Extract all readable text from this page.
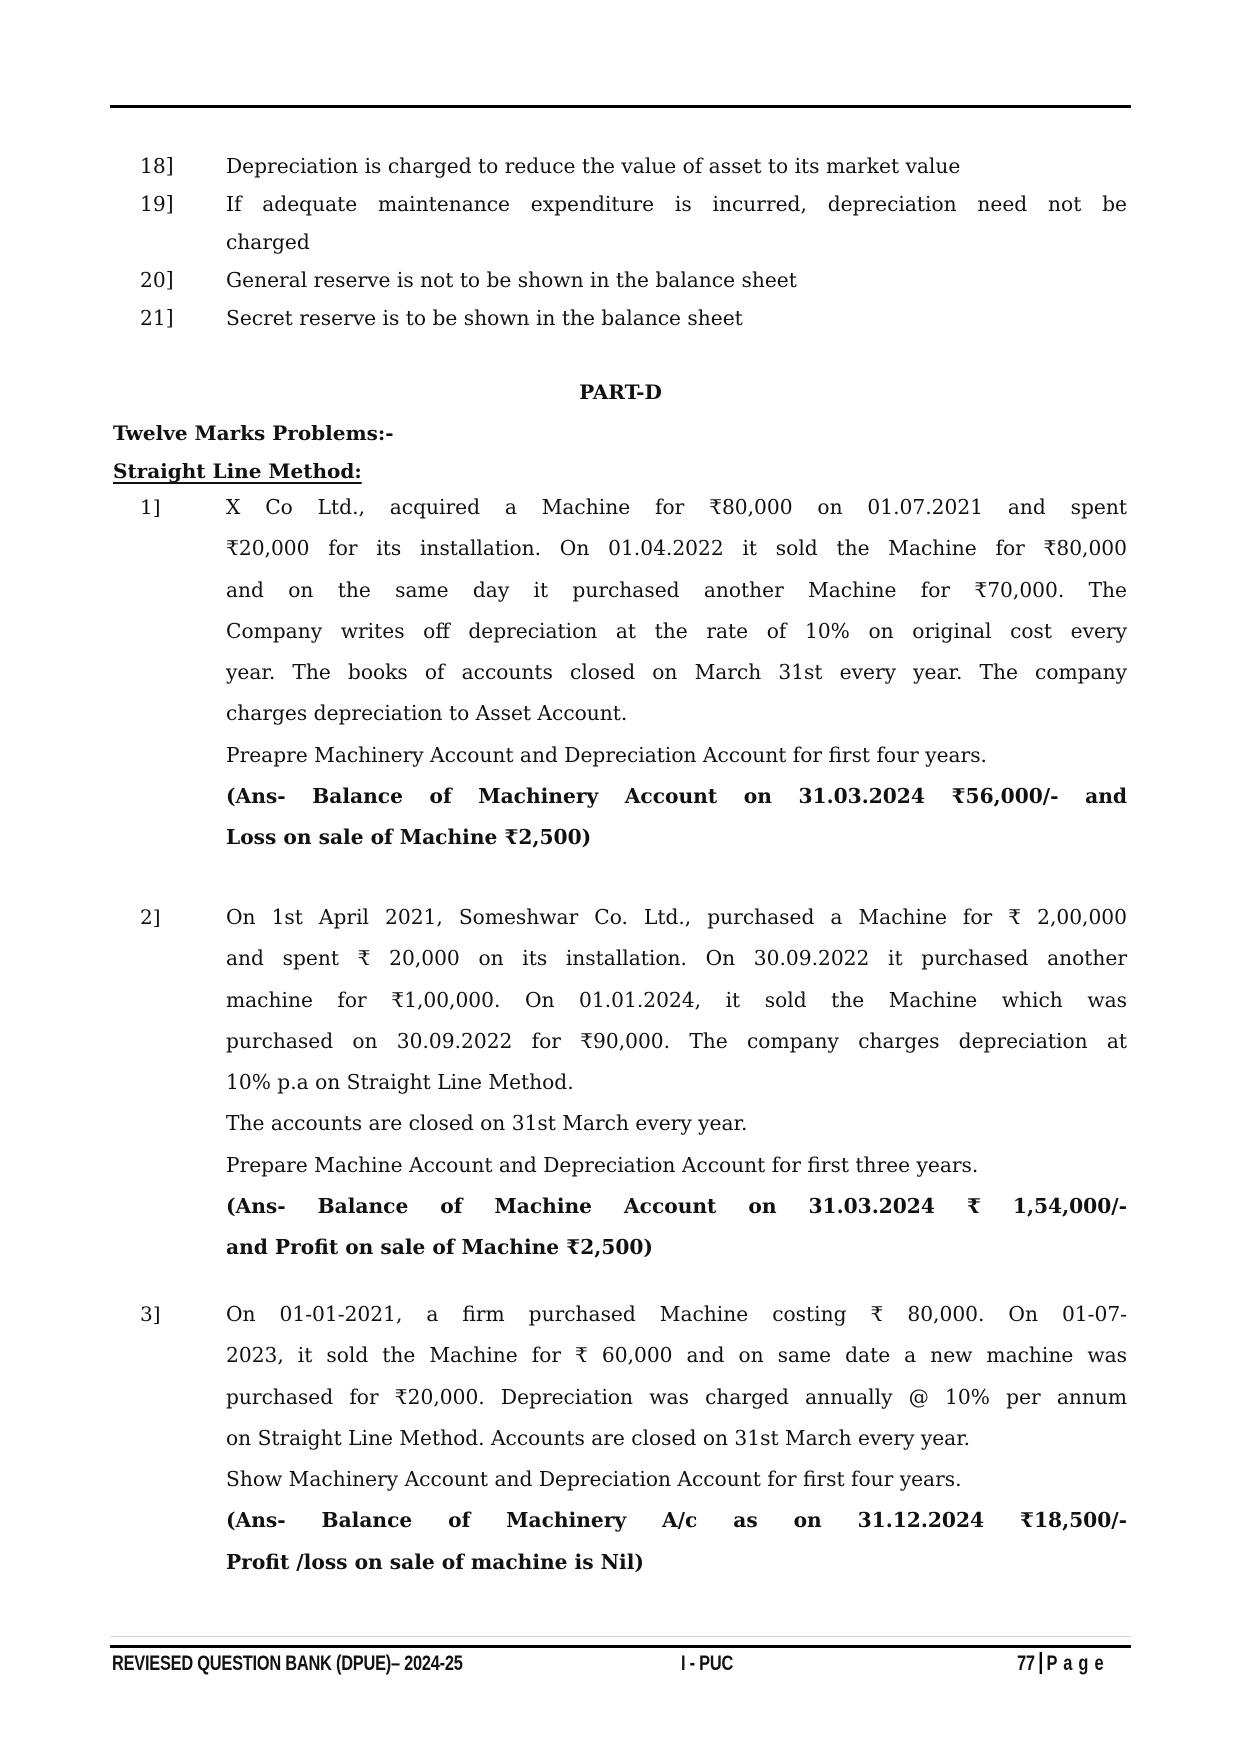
18]	Depreciation is charged to reduce the value of asset to its market value
19]	If adequate maintenance expenditure is incurred, depreciation need not be
charged
20]	General reserve is not to be shown in the balance sheet
21]	Secret reserve is to be shown in the balance sheet
PART-D
Twelve Marks Problems:-
Straight Line Method:
1]	X Co Ltd., acquired a Machine for ₹80,000 on 01.07.2021 and spent
₹20,000 for its installation. On 01.04.2022 it sold the Machine for ₹80,000
and on the same day it purchased another Machine for ₹70,000. The
Company writes off depreciation at the rate of 10% on original cost every
year. The books of accounts closed on March 31st every year. The company
charges depreciation to Asset Account.
Preapre Machinery Account and Depreciation Account for first four years.
(Ans- Balance of Machinery Account on 31.03.2024 ₹56,000/- and
Loss on sale of Machine ₹2,500)
2]	On 1st April 2021, Someshwar Co. Ltd., purchased a Machine for ₹ 2,00,000
and spent ₹ 20,000 on its installation. On 30.09.2022 it purchased another
machine for ₹1,00,000. On 01.01.2024, it sold the Machine which was
purchased on 30.09.2022 for ₹90,000. The company charges depreciation at
10% p.a on Straight Line Method.
The accounts are closed on 31st March every year.
Prepare Machine Account and Depreciation Account for first three years.
(Ans- Balance of Machine Account on 31.03.2024 ₹ 1,54,000/-
and Profit on sale of Machine ₹2,500)
3]	On 01-01-2021, a firm purchased Machine costing ₹ 80,000. On 01-07-
2023, it sold the Machine for ₹ 60,000 and on same date a new machine was
purchased for ₹20,000. Depreciation was charged annually @ 10% per annum
on Straight Line Method. Accounts are closed on 31st March every year.
Show Machinery Account and Depreciation Account for first four years.
(Ans- Balance of Machinery A/c as on 31.12.2024 ₹18,500/-
Profit /loss on sale of machine is Nil)
REVIESED QUESTION BANK (DPUE)– 2024-25	I - PUC	77 P a g e
